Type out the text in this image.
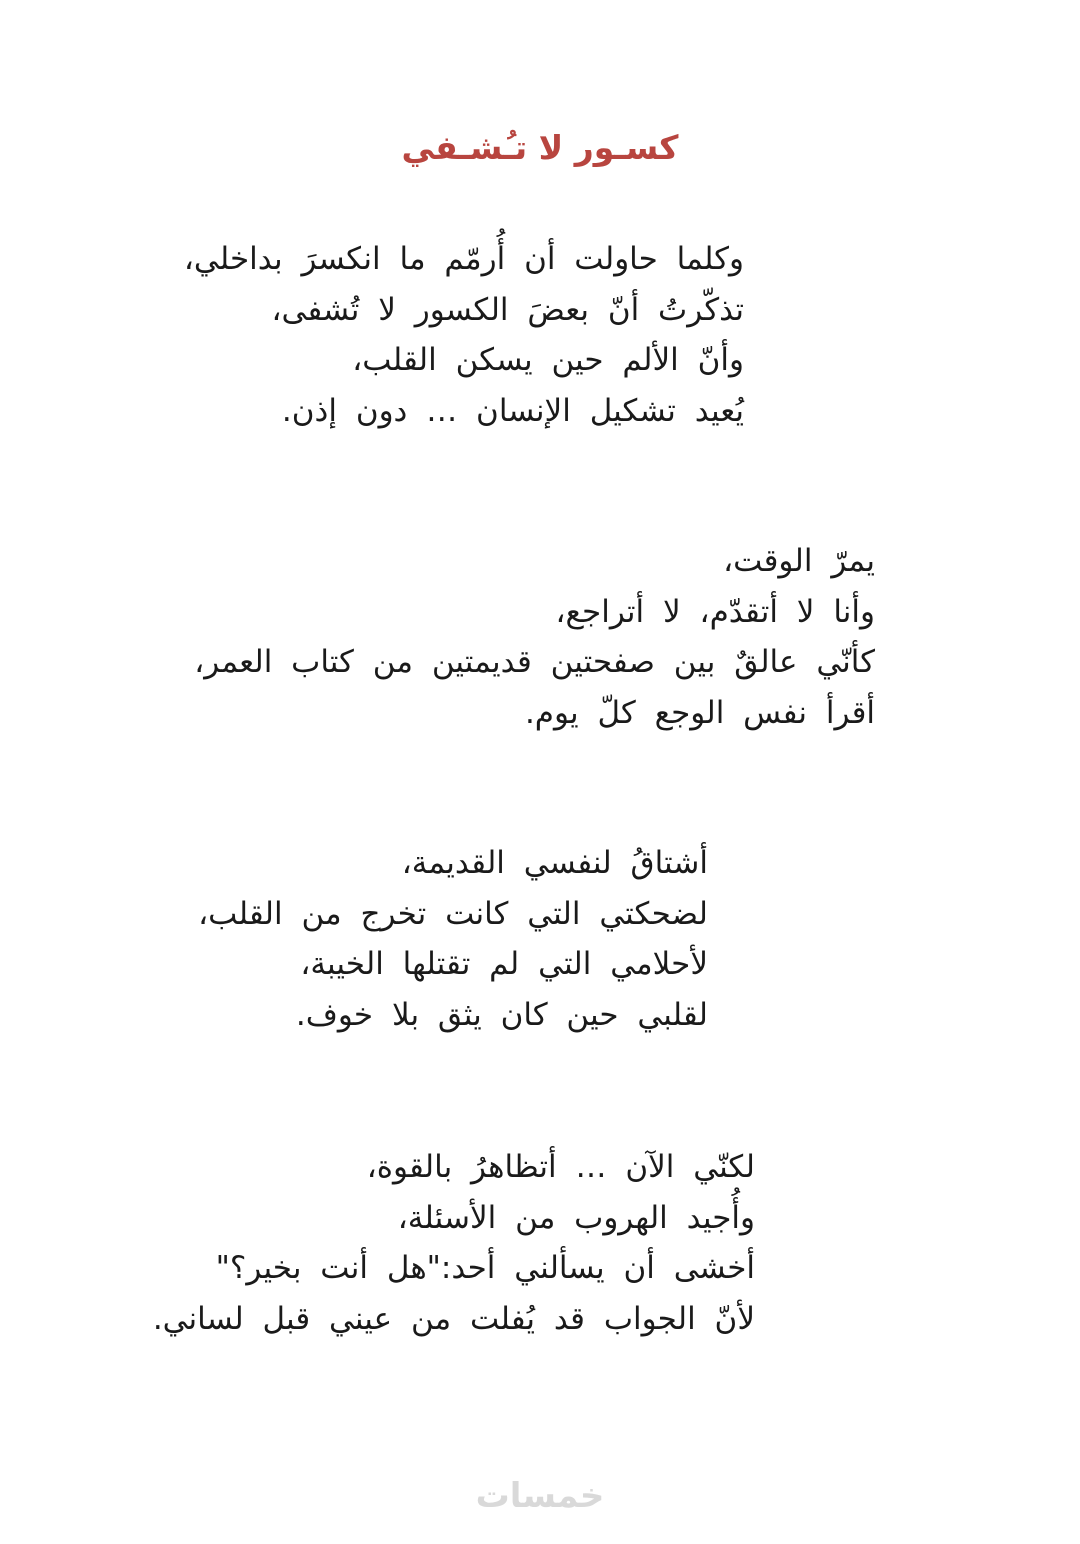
كسـور لا تـُشـفي
وكلما حاولت أن أُرمّم ما انكسرَ بداخلي،
تذكّرتُ أنّ بعضَ الكسور لا تُشفى،
وأنّ الألم حين يسكن القلب،
يُعيد تشكيل الإنسان … دون إذن.
يمرّ الوقت،
وأنا لا أتقدّم، لا أتراجع،
كأنّي عالقٌ بين صفحتين قديمتين من كتاب العمر،
أقرأ نفس الوجع كلّ يوم.
أشتاقُ لنفسي القديمة،
لضحكتي التي كانت تخرج من القلب،
لأحلامي التي لم تقتلها الخيبة،
لقلبي حين كان يثق بلا خوف.
لكنّي الآن … أتظاهرُ بالقوة،
وأُجيد الهروب من الأسئلة،
أخشى أن يسألني أحد:"هل أنت بخير؟"
لأنّ الجواب قد يُفلت من عيني قبل لساني.
خمسات
